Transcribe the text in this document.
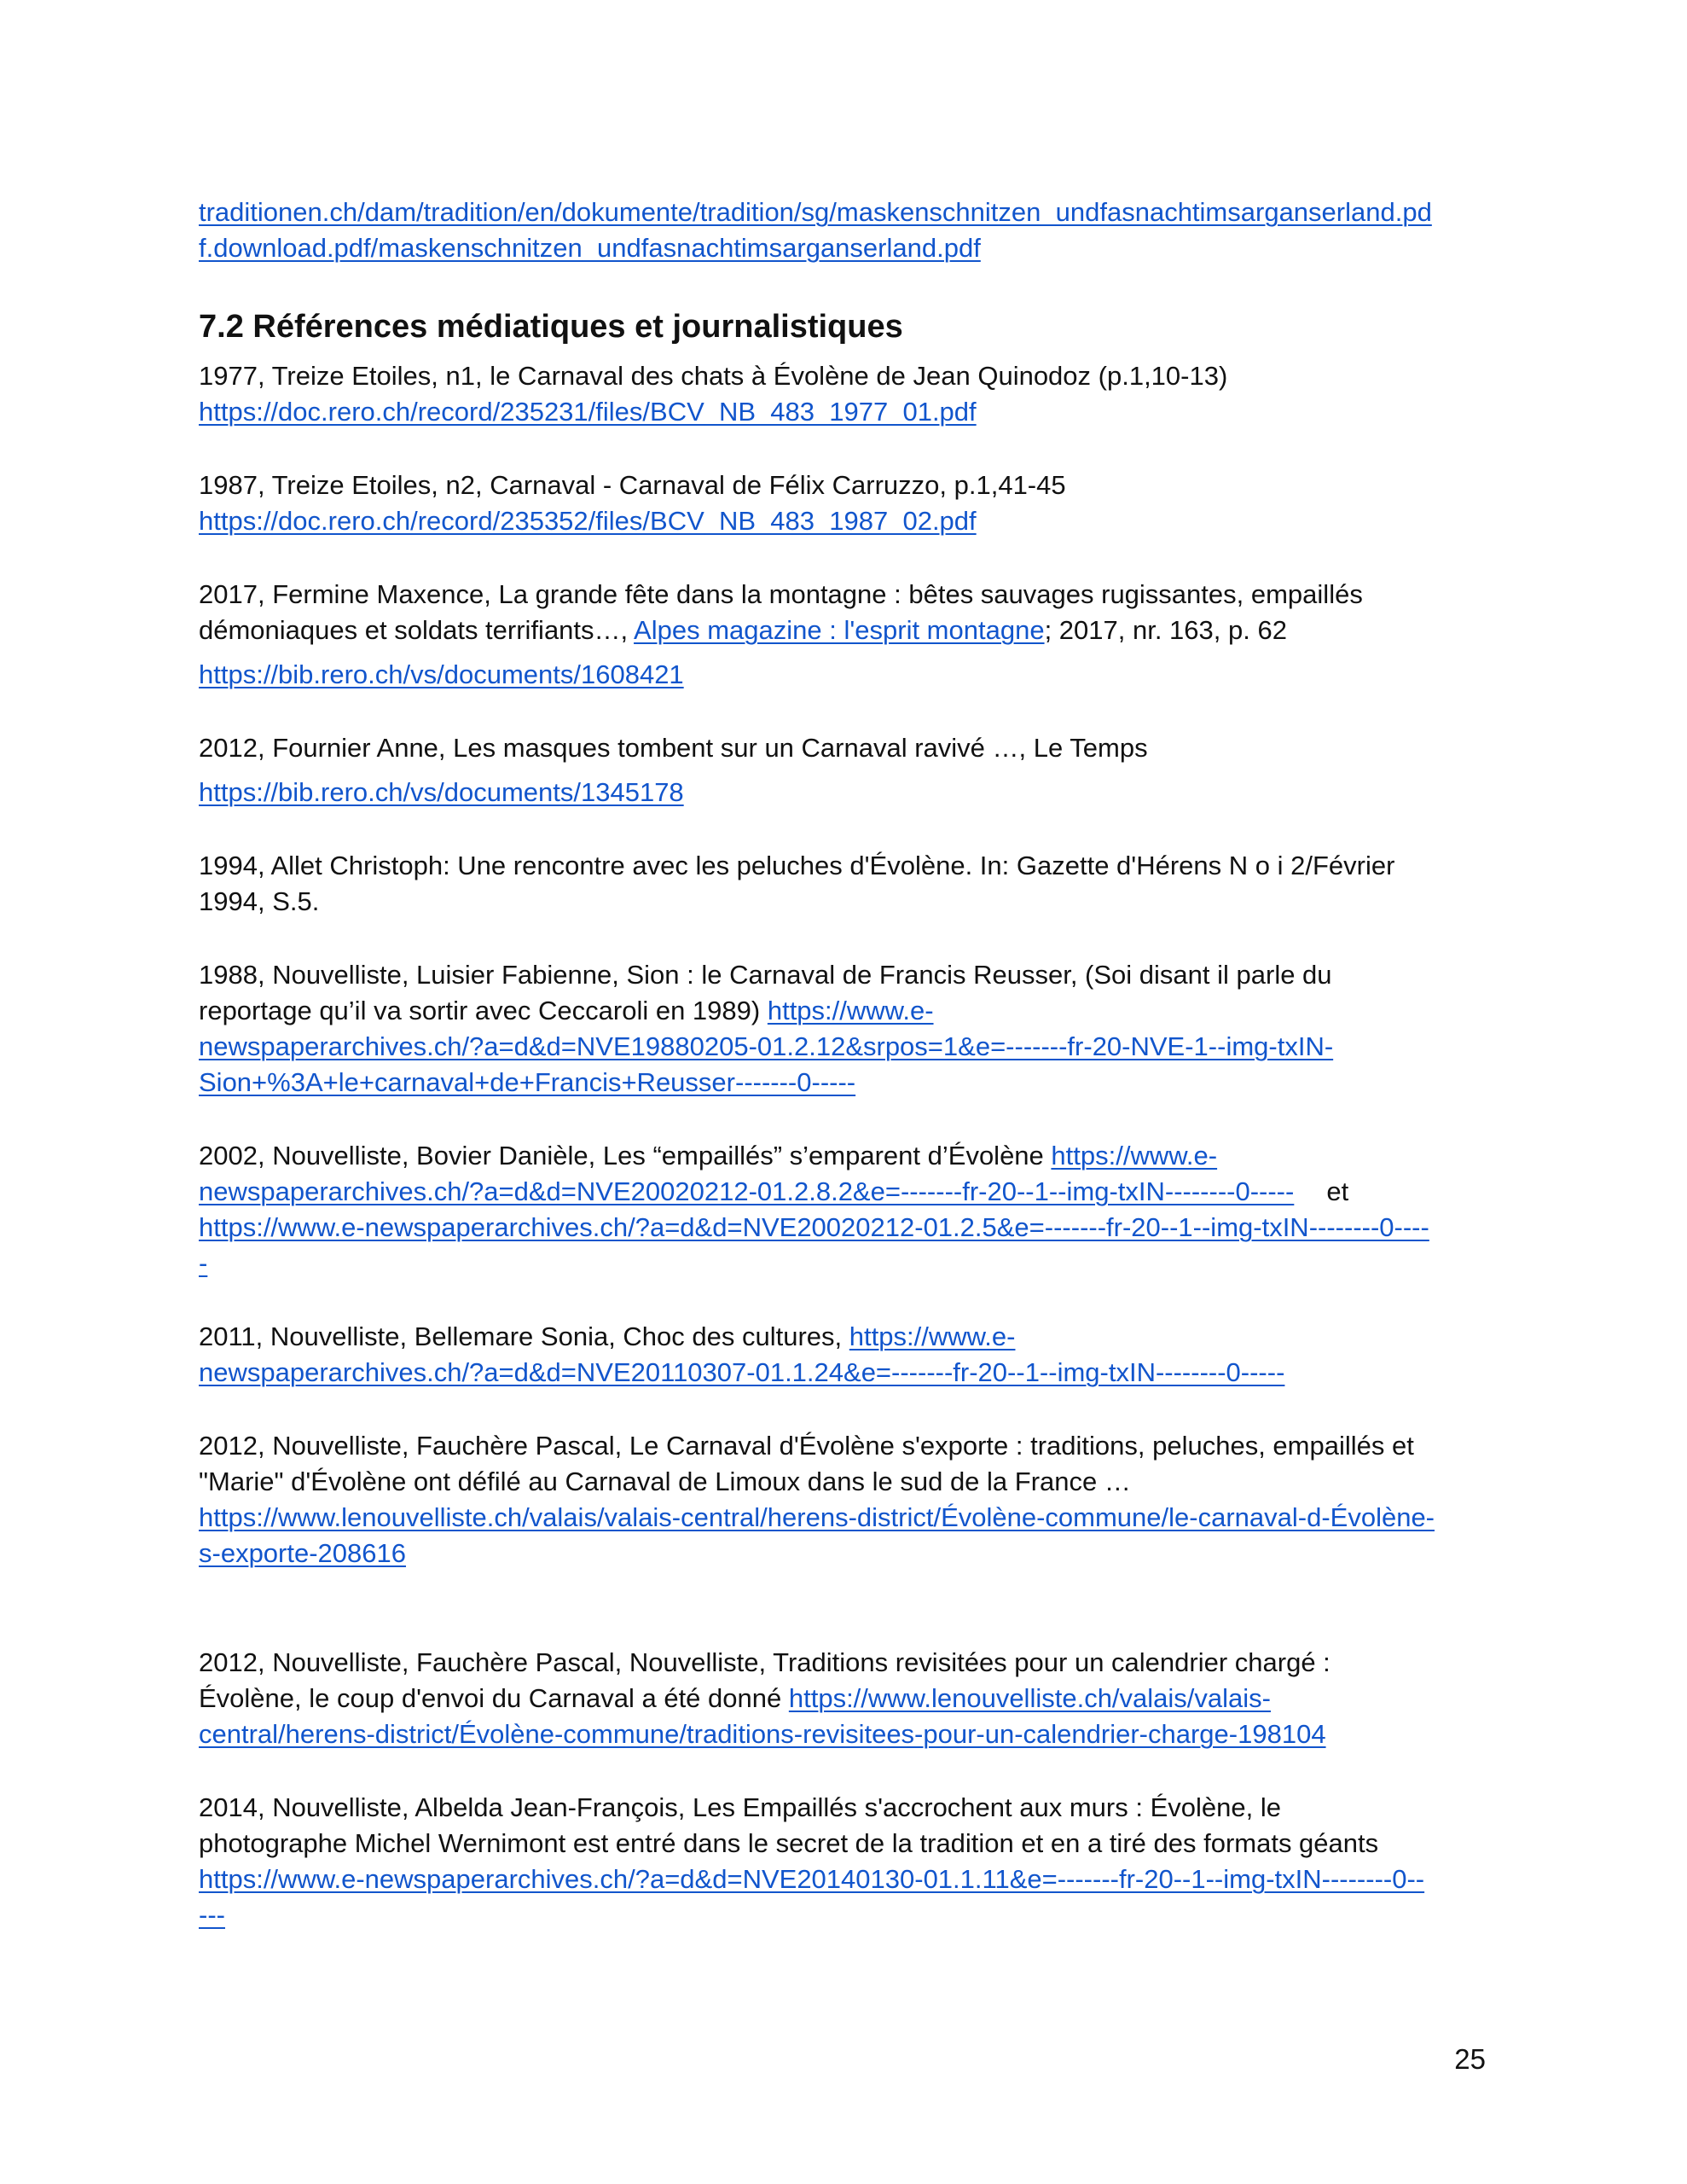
traditionen.ch/dam/tradition/en/dokumente/tradition/sg/maskenschnitzen_undfasnachtimsarganserland.pd
f.download.pdf/maskenschnitzen_undfasnachtimsarganserland.pdf
7.2 Références médiatiques et journalistiques
1977, Treize Etoiles, n1, le Carnaval des chats à Évolène de Jean Quinodoz (p.1,10-13)
https://doc.rero.ch/record/235231/files/BCV_NB_483_1977_01.pdf
1987, Treize Etoiles, n2, Carnaval - Carnaval de Félix Carruzzo, p.1,41-45
https://doc.rero.ch/record/235352/files/BCV_NB_483_1987_02.pdf
2017, Fermine Maxence, La grande fête dans la montagne : bêtes sauvages rugissantes, empaillés
démoniaques et soldats terrifiants…, Alpes magazine : l'esprit montagne; 2017, nr. 163, p. 62
https://bib.rero.ch/vs/documents/1608421
2012, Fournier Anne, Les masques tombent sur un Carnaval ravivé …, Le Temps
https://bib.rero.ch/vs/documents/1345178
1994, Allet Christoph: Une rencontre avec les peluches d'Évolène. In: Gazette d'Hérens N o i 2/Février
1994, S.5.
1988, Nouvelliste, Luisier Fabienne, Sion : le Carnaval de Francis Reusser, (Soi disant il parle du
reportage qu’il va sortir avec Ceccaroli en 1989) https://www.e-
newspaperarchives.ch/?a=d&d=NVE19880205-01.2.12&srpos=1&e=-------fr-20-NVE-1--img-txIN-
Sion+%3A+le+carnaval+de+Francis+Reusser-------0-----
2002, Nouvelliste, Bovier Danièle, Les “empaillés” s’emparent d’Évolène https://www.e-
newspaperarchives.ch/?a=d&d=NVE20020212-01.2.8.2&e=-------fr-20--1--img-txIN--------0----- et
https://www.e-newspaperarchives.ch/?a=d&d=NVE20020212-01.2.5&e=-------fr-20--1--img-txIN--------0----
-
2011, Nouvelliste, Bellemare Sonia, Choc des cultures, https://www.e-
newspaperarchives.ch/?a=d&d=NVE20110307-01.1.24&e=-------fr-20--1--img-txIN--------0-----
2012, Nouvelliste, Fauchère Pascal, Le Carnaval d'Évolène s'exporte : traditions, peluches, empaillés et
"Marie" d'Évolène ont défilé au Carnaval de Limoux dans le sud de la France …
https://www.lenouvelliste.ch/valais/valais-central/herens-district/Évolène-commune/le-carnaval-d-Évolène-
s-exporte-208616
2012, Nouvelliste, Fauchère Pascal, Nouvelliste, Traditions revisitées pour un calendrier chargé :
Évolène, le coup d'envoi du Carnaval a été donné https://www.lenouvelliste.ch/valais/valais-
central/herens-district/Évolène-commune/traditions-revisitees-pour-un-calendrier-charge-198104
2014, Nouvelliste, Albelda Jean-François, Les Empaillés s'accrochent aux murs : Évolène, le
photographe Michel Wernimont est entré dans le secret de la tradition et en a tiré des formats géants
https://www.e-newspaperarchives.ch/?a=d&d=NVE20140130-01.1.11&e=-------fr-20--1--img-txIN--------0--
---
25
